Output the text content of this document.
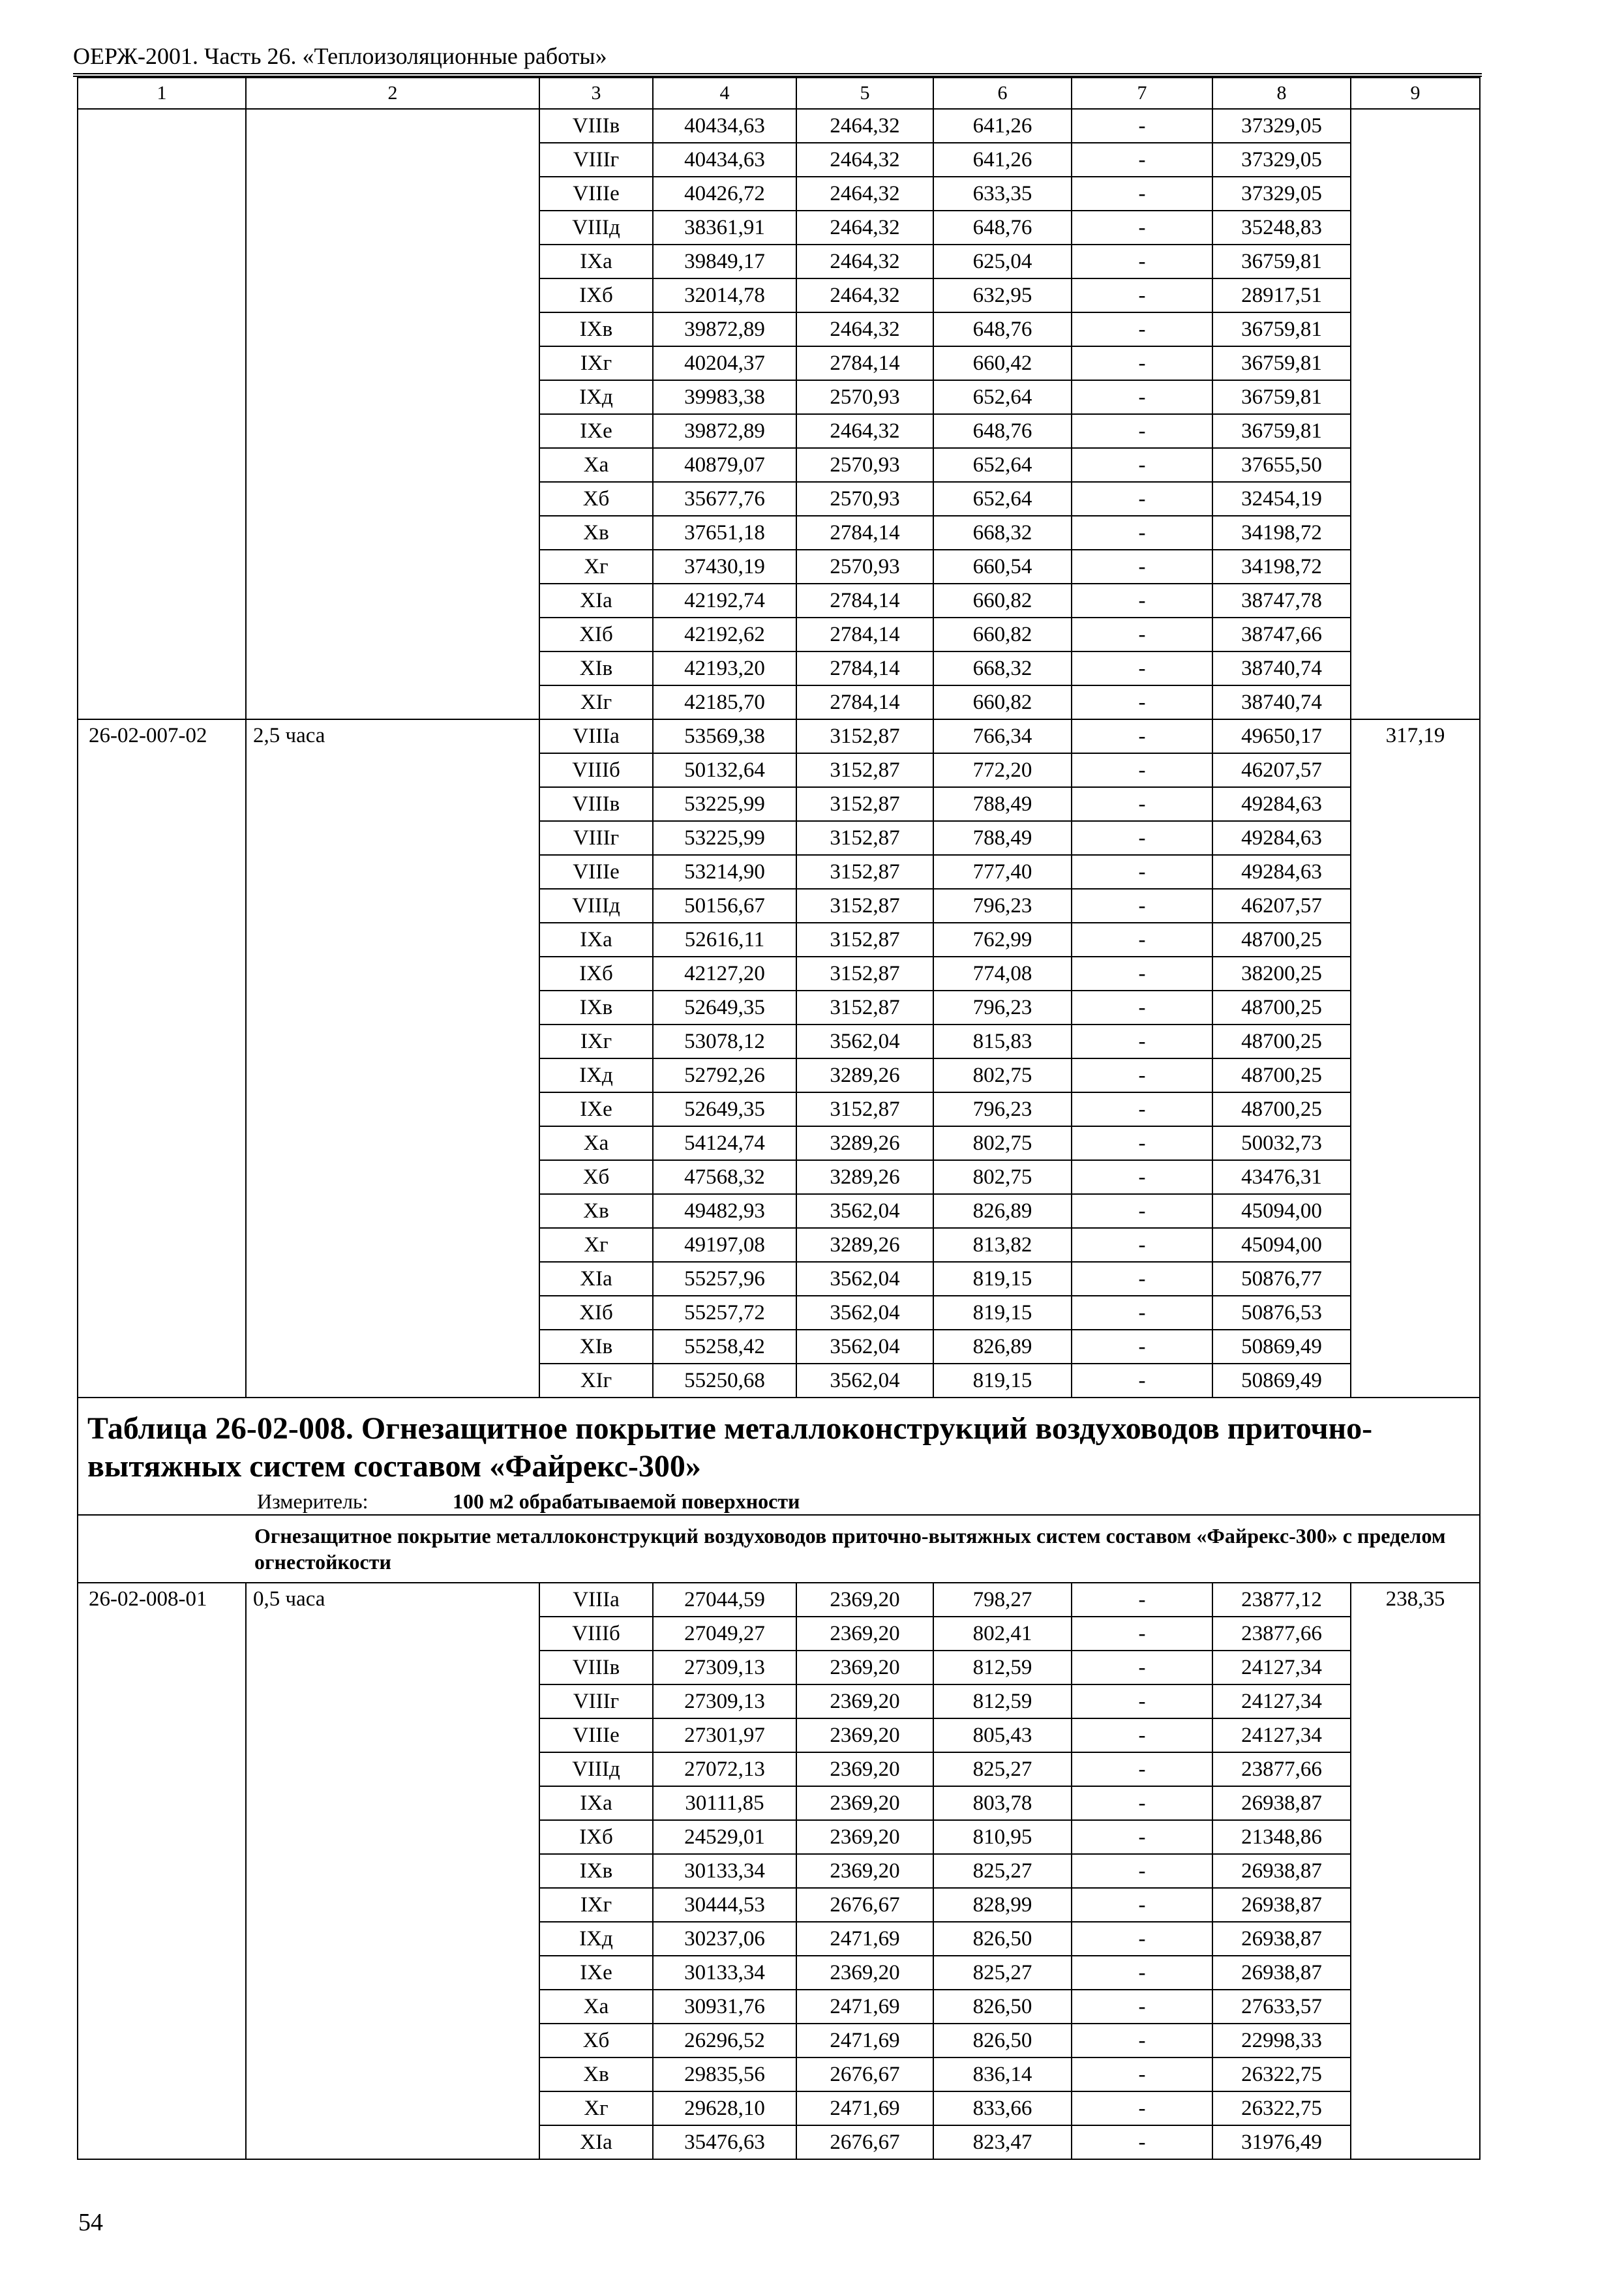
ОЕРЖ-2001. Часть 26. «Теплоизоляционные работы»
1	2	3	4	5	6	7	8	9
		VIIIв	40434,63	2464,32	641,26	-	37329,05	
		VIIIг	40434,63	2464,32	641,26	-	37329,05	
		VIIIе	40426,72	2464,32	633,35	-	37329,05	
		VIIIд	38361,91	2464,32	648,76	-	35248,83	
		IXа	39849,17	2464,32	625,04	-	36759,81	
		IXб	32014,78	2464,32	632,95	-	28917,51	
		IXв	39872,89	2464,32	648,76	-	36759,81	
		IXг	40204,37	2784,14	660,42	-	36759,81	
		IXд	39983,38	2570,93	652,64	-	36759,81	
		IXе	39872,89	2464,32	648,76	-	36759,81	
		Xа	40879,07	2570,93	652,64	-	37655,50	
		Xб	35677,76	2570,93	652,64	-	32454,19	
		Xв	37651,18	2784,14	668,32	-	34198,72	
		Xг	37430,19	2570,93	660,54	-	34198,72	
		XIа	42192,74	2784,14	660,82	-	38747,78	
		XIб	42192,62	2784,14	660,82	-	38747,66	
		XIв	42193,20	2784,14	668,32	-	38740,74	
		XIг	42185,70	2784,14	660,82	-	38740,74	
26-02-007-02	2,5 часа	VIIIа	53569,38	3152,87	766,34	-	49650,17	317,19
		VIIIб	50132,64	3152,87	772,20	-	46207,57	
		VIIIв	53225,99	3152,87	788,49	-	49284,63	
		VIIIг	53225,99	3152,87	788,49	-	49284,63	
		VIIIе	53214,90	3152,87	777,40	-	49284,63	
		VIIIд	50156,67	3152,87	796,23	-	46207,57	
		IXа	52616,11	3152,87	762,99	-	48700,25	
		IXб	42127,20	3152,87	774,08	-	38200,25	
		IXв	52649,35	3152,87	796,23	-	48700,25	
		IXг	53078,12	3562,04	815,83	-	48700,25	
		IXд	52792,26	3289,26	802,75	-	48700,25	
		IXе	52649,35	3152,87	796,23	-	48700,25	
		Xа	54124,74	3289,26	802,75	-	50032,73	
		Xб	47568,32	3289,26	802,75	-	43476,31	
		Xв	49482,93	3562,04	826,89	-	45094,00	
		Xг	49197,08	3289,26	813,82	-	45094,00	
		XIа	55257,96	3562,04	819,15	-	50876,77	
		XIб	55257,72	3562,04	819,15	-	50876,53	
		XIв	55258,42	3562,04	826,89	-	50869,49	
		XIг	55250,68	3562,04	819,15	-	50869,49	

Таблица 26-02-008. Огнезащитное покрытие металлоконструкций воздуховодов приточно-вытяжных систем составом «Файрекс-300»
Измеритель: 100 м2 обрабатываемой поверхности								

Огнезащитное покрытие металлоконструкций воздуховодов приточно-вытяжных систем составом «Файрекс-300» с пределом огнестойкости								
26-02-008-01	0,5 часа	VIIIа	27044,59	2369,20	798,27	-	23877,12	238,35
		VIIIб	27049,27	2369,20	802,41	-	23877,66	
		VIIIв	27309,13	2369,20	812,59	-	24127,34	
		VIIIг	27309,13	2369,20	812,59	-	24127,34	
		VIIIе	27301,97	2369,20	805,43	-	24127,34	
		VIIIд	27072,13	2369,20	825,27	-	23877,66	
		IXа	30111,85	2369,20	803,78	-	26938,87	
		IXб	24529,01	2369,20	810,95	-	21348,86	
		IXв	30133,34	2369,20	825,27	-	26938,87	
		IXг	30444,53	2676,67	828,99	-	26938,87	
		IXд	30237,06	2471,69	826,50	-	26938,87	
		IXе	30133,34	2369,20	825,27	-	26938,87	
		Xа	30931,76	2471,69	826,50	-	27633,57	
		Xб	26296,52	2471,69	826,50	-	22998,33	
		Xв	29835,56	2676,67	836,14	-	26322,75	
		Xг	29628,10	2471,69	833,66	-	26322,75	
		XIа	35476,63	2676,67	823,47	-	31976,49	
54
